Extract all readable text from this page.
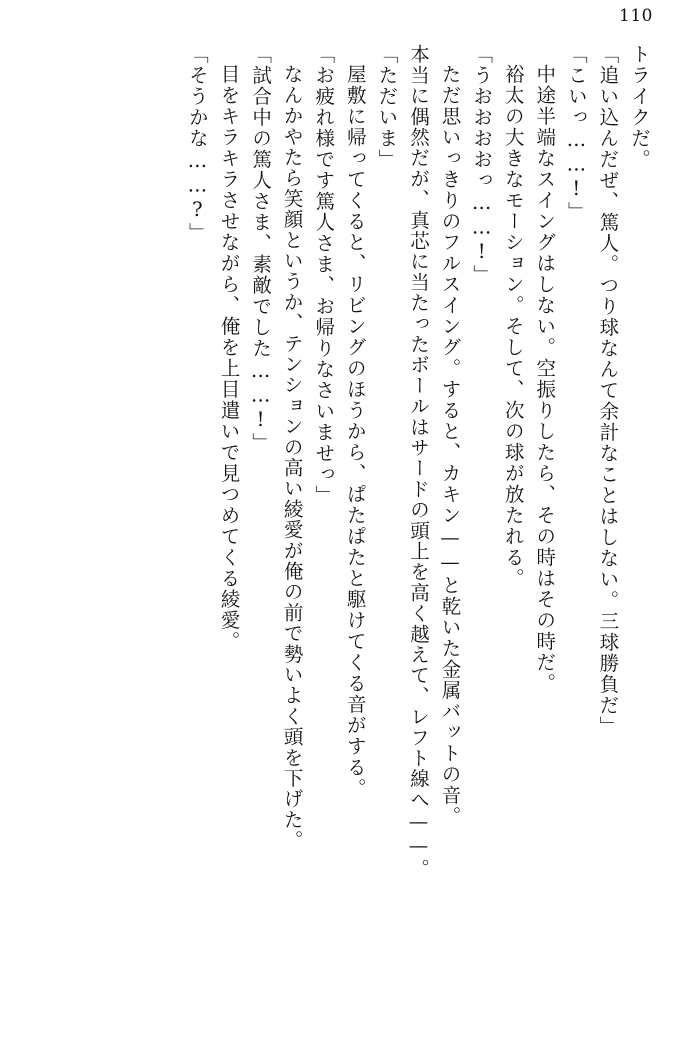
110

トライクだ。

「追い込んだぜ、篤人。つり球なんて余計なことはしない。三球勝負だ」

「こいっ……!」

中途半端なスイングはしない。空振りしたら、その時はその時だ。

裕太の大きなモーション。そして、次の球が放たれる。

「うおおおおっ……!」

ただ思いっきりのフルスイング。すると、カキン——と乾いた金属バットの音。

本当に偶然だが、真芯に当たったボールはサードの頭上を高く越えて、レフト線へ——。

「ただいま」

屋敷に帰ってくると、リビングのほうから、ぱたぱたと駆けてくる音がする。

「お疲れ様です篤人さま、お帰りなさいませっ」

なんかやたら笑顔というか、テンションの高い綾愛が俺の前で勢いよく頭を下げた。

「試合中の篤人さま、素敵でした……!」

目をキラキラさせながら、俺を上目遣いで見つめてくる綾愛。

「そうかな……?」
